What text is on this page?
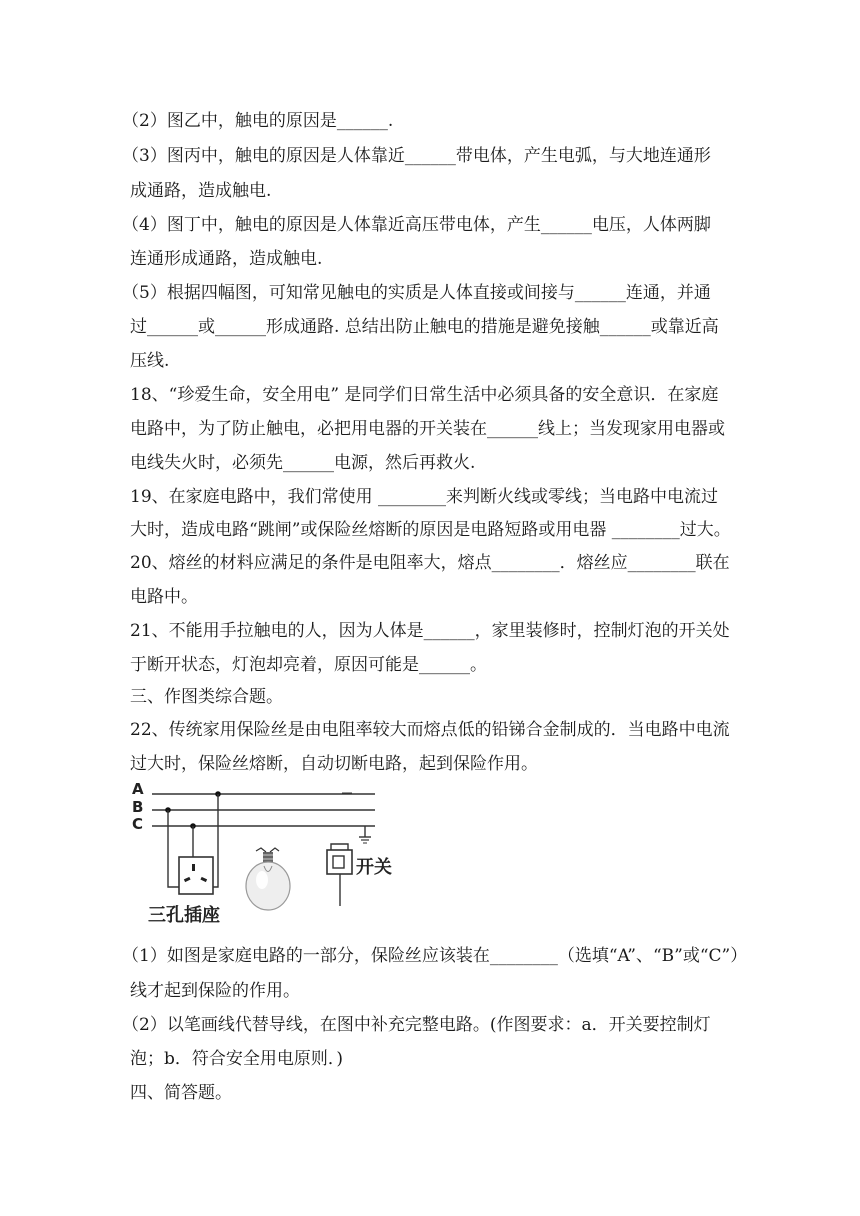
（2）图乙中，触电的原因是______.
（3）图丙中，触电的原因是人体靠近______带电体，产生电弧，与大地连通形
成通路，造成触电.
（4）图丁中，触电的原因是人体靠近高压带电体，产生______电压，人体两脚
连通形成通路，造成触电.
（5）根据四幅图，可知常见触电的实质是人体直接或间接与______连通，并通
过______或______形成通路. 总结出防止触电的措施是避免接触______或靠近高
压线.
18、“珍爱生命，安全用电” 是同学们日常生活中必须具备的安全意识．在家庭
电路中，为了防止触电，必把用电器的开关装在______线上；当发现家用电器或
电线失火时，必须先______电源，然后再救火.
19、在家庭电路中，我们常使用 ________来判断火线或零线；当电路中电流过
大时，造成电路“跳闸”或保险丝熔断的原因是电路短路或用电器 ________过大。
20、熔丝的材料应满足的条件是电阻率大，熔点________．熔丝应________联在
电路中。
21、不能用手拉触电的人，因为人体是______，家里装修时，控制灯泡的开关处
于断开状态，灯泡却亮着，原因可能是______。
三、作图类综合题。
22、传统家用保险丝是由电阻率较大而熔点低的铅锑合金制成的．当电路中电流
过大时，保险丝熔断，自动切断电路，起到保险作用。
A
B
C
开关
三孔插座
（1）如图是家庭电路的一部分，保险丝应该装在________（选填“A”、“B”或“C”）
线才起到保险的作用。
（2）以笔画线代替导线，在图中补充完整电路。(作图要求：a．开关要控制灯
泡；b．符合安全用电原则．)
四、简答题。
